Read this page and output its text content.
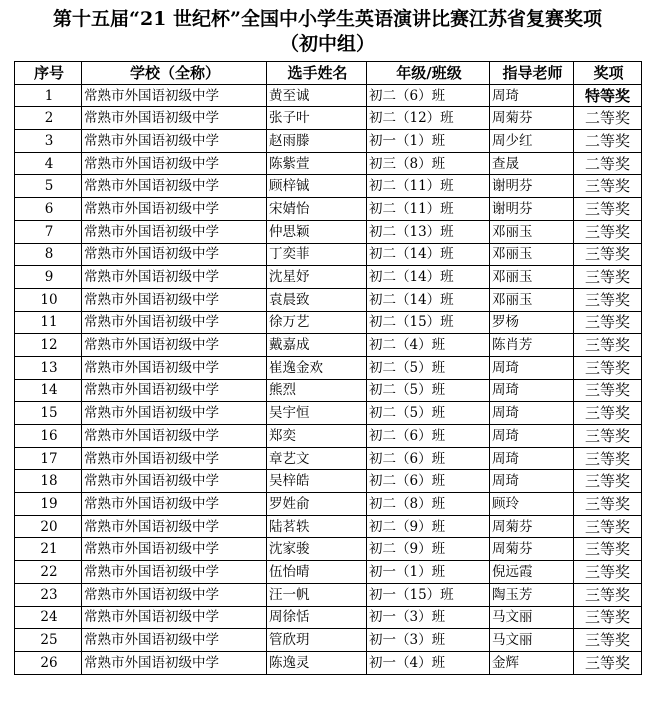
第十五届“21 世纪杯”全国中小学生英语演讲比赛江苏省复赛奖项
（初中组）
序号	学校（全称）	选手姓名	年级/班级	指导老师	奖项
1	常熟市外国语初级中学	黄至诚	初二（6）班	周琦	特等奖
2	常熟市外国语初级中学	张子叶	初二（12）班	周菊芬	二等奖
3	常熟市外国语初级中学	赵雨滕	初一（1）班	周少红	二等奖
4	常熟市外国语初级中学	陈紫萱	初三（8）班	查晟	二等奖
5	常熟市外国语初级中学	顾梓铖	初二（11）班	谢明芬	三等奖
6	常熟市外国语初级中学	宋婧怡	初二（11）班	谢明芬	三等奖
7	常熟市外国语初级中学	仲思颖	初二（13）班	邓丽玉	三等奖
8	常熟市外国语初级中学	丁奕菲	初二（14）班	邓丽玉	三等奖
9	常熟市外国语初级中学	沈星妤	初二（14）班	邓丽玉	三等奖
10	常熟市外国语初级中学	袁晨致	初二（14）班	邓丽玉	三等奖
11	常熟市外国语初级中学	徐万艺	初二（15）班	罗杨	三等奖
12	常熟市外国语初级中学	戴嘉成	初二（4）班	陈肖芳	三等奖
13	常熟市外国语初级中学	崔逸金欢	初二（5）班	周琦	三等奖
14	常熟市外国语初级中学	熊烈	初二（5）班	周琦	三等奖
15	常熟市外国语初级中学	吴宇恒	初二（5）班	周琦	三等奖
16	常熟市外国语初级中学	郑奕	初二（6）班	周琦	三等奖
17	常熟市外国语初级中学	章艺文	初二（6）班	周琦	三等奖
18	常熟市外国语初级中学	吴梓皓	初二（6）班	周琦	三等奖
19	常熟市外国语初级中学	罗姓俞	初二（8）班	顾玲	三等奖
20	常熟市外国语初级中学	陆茗轶	初二（9）班	周菊芬	三等奖
21	常熟市外国语初级中学	沈家骏	初二（9）班	周菊芬	三等奖
22	常熟市外国语初级中学	伍怡晴	初一（1）班	倪远霞	三等奖
23	常熟市外国语初级中学	汪一帆	初一（15）班	陶玉芳	三等奖
24	常熟市外国语初级中学	周徐恬	初一（3）班	马文丽	三等奖
25	常熟市外国语初级中学	管欣玥	初一（3）班	马文丽	三等奖
26	常熟市外国语初级中学	陈逸灵	初一（4）班	金辉	三等奖
